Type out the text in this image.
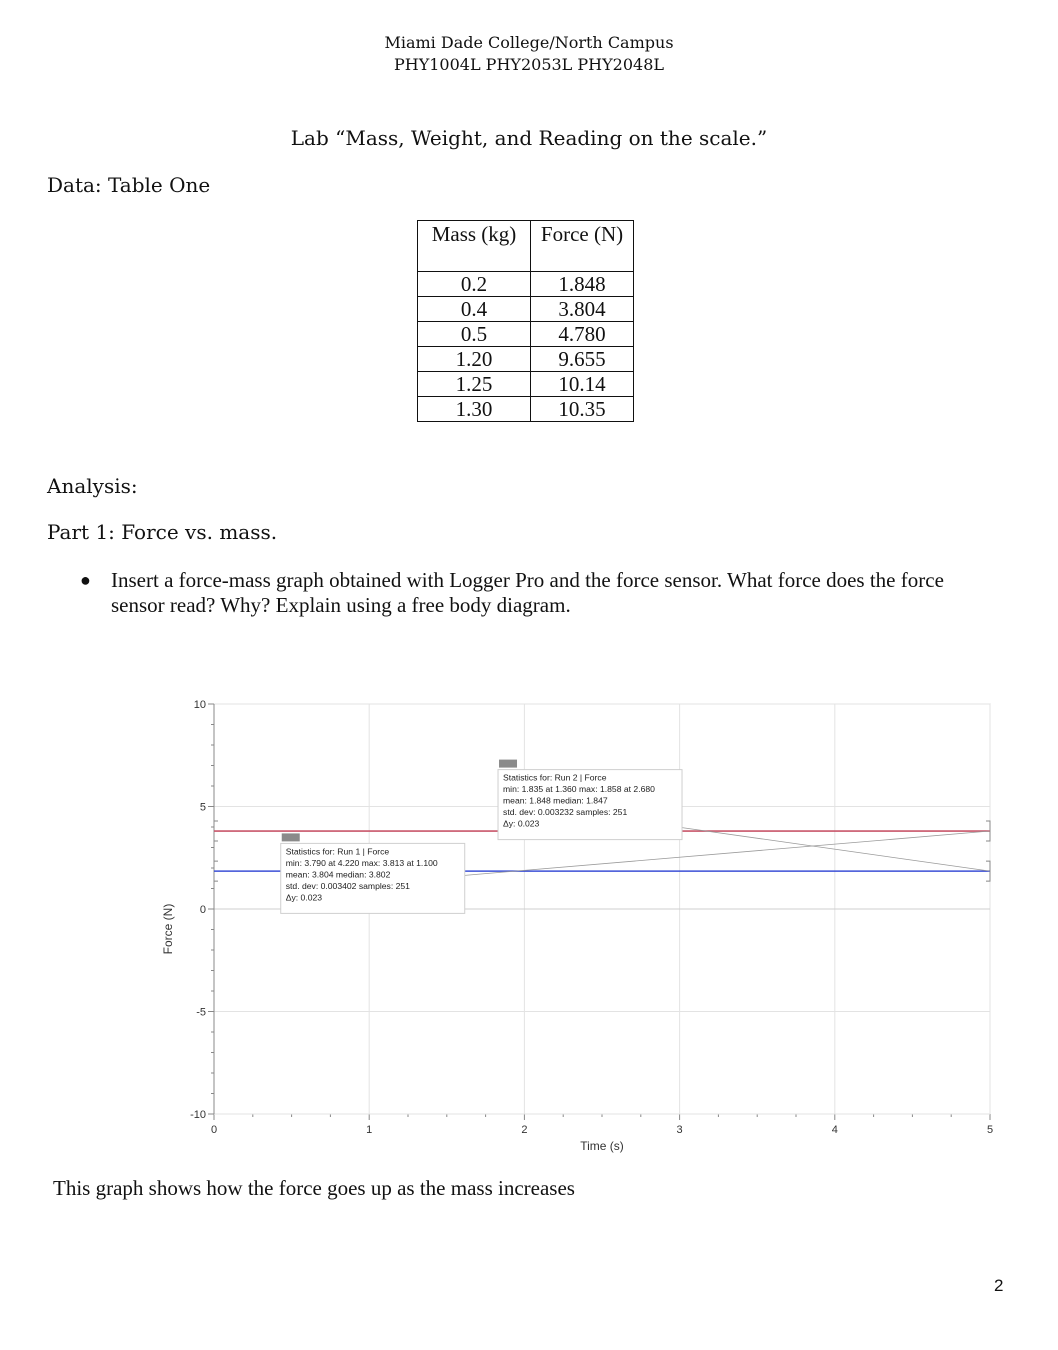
Miami Dade College/North Campus
PHY1004L PHY2053L PHY2048L
Lab “Mass, Weight, and Reading on the scale.”
Data: Table One
Mass (kg)	Force (N)
0.2	1.848
0.4	3.804
0.5	4.780
1.20	9.655
1.25	10.14
1.30	10.35
Analysis:
Part 1: Force vs. mass.
● Insert a force-mass graph obtained with Logger Pro and the force sensor. What force does the force sensor read? Why? Explain using a free body diagram.
0	1	2	3	4	5
10
5
0
-5
-10
Time (s)
Force (N)
Statistics for: Run 2 | Force
min: 1.835 at 1.360 max: 1.858 at 2.680
mean: 1.848 median: 1.847
std. dev: 0.003232 samples: 251
Δy: 0.023
Statistics for: Run 1 | Force
min: 3.790 at 4.220 max: 3.813 at 1.100
mean: 3.804 median: 3.802
std. dev: 0.003402 samples: 251
Δy: 0.023
This graph shows how the force goes up as the mass increases
2
